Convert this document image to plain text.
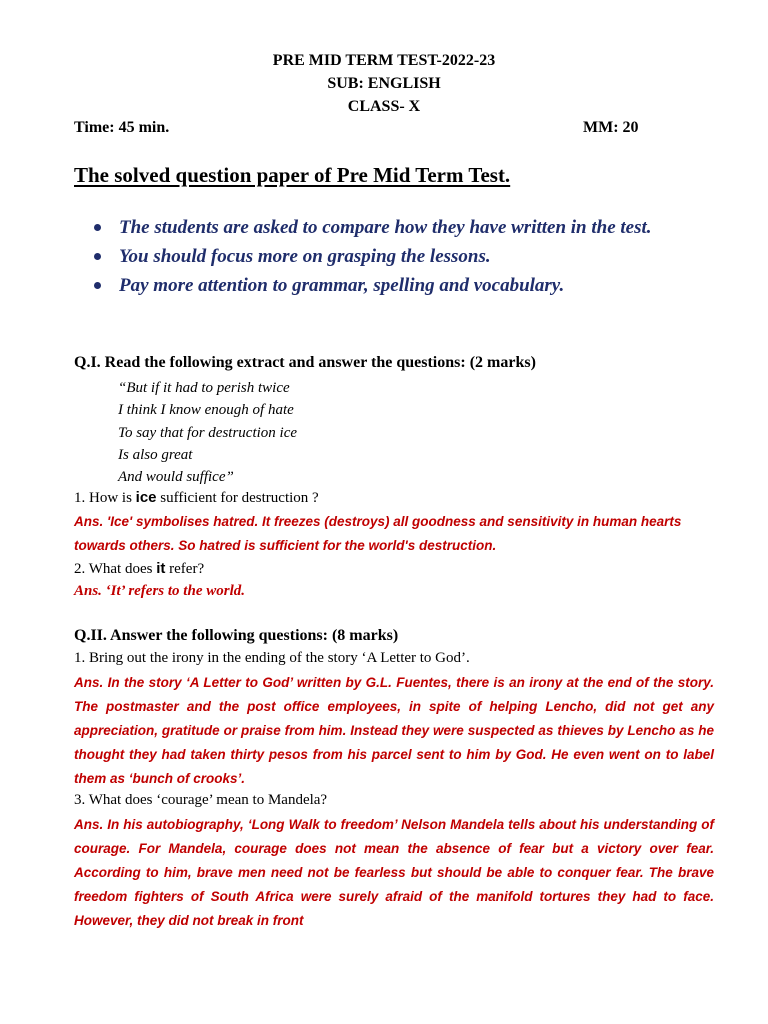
PRE MID TERM TEST-2022-23
SUB: ENGLISH
CLASS- X
Time: 45 min.	MM: 20
The solved question paper of Pre Mid Term Test.
The students are asked to compare how they have written in the test.
You should focus more on grasping the lessons.
Pay more attention to grammar, spelling and vocabulary.
Q.I. Read the following extract and answer the questions: (2 marks)
“But if it had to perish twice
I think I know enough of hate
To say that for destruction ice
Is also great
And would suffice”
1. How is ice sufficient for destruction ?
Ans. 'Ice' symbolises hatred. It freezes (destroys) all goodness and sensitivity in human hearts towards others. So hatred is sufficient for the world's destruction.
2. What does it refer?
Ans. ‘It’ refers to the world.
Q.II. Answer the following questions: (8 marks)
1. Bring out the irony in the ending of the story ‘A Letter to God’.
Ans. In the story ‘A Letter to God’ written by G.L. Fuentes, there is an irony at the end of the story. The postmaster and the post office employees, in spite of helping Lencho, did not get any appreciation, gratitude or praise from him. Instead they were suspected as thieves by Lencho as he thought they had taken thirty pesos from his parcel sent to him by God. He even went on to label them as ‘bunch of crooks’.
3. What does ‘courage’ mean to Mandela?
Ans. In his autobiography, ‘Long Walk to freedom’ Nelson Mandela tells about his understanding of courage. For Mandela, courage does not mean the absence of fear but a victory over fear. According to him, brave men need not be fearless but should be able to conquer fear. The brave freedom fighters of South Africa were surely afraid of the manifold tortures they had to face. However, they did not break in front
